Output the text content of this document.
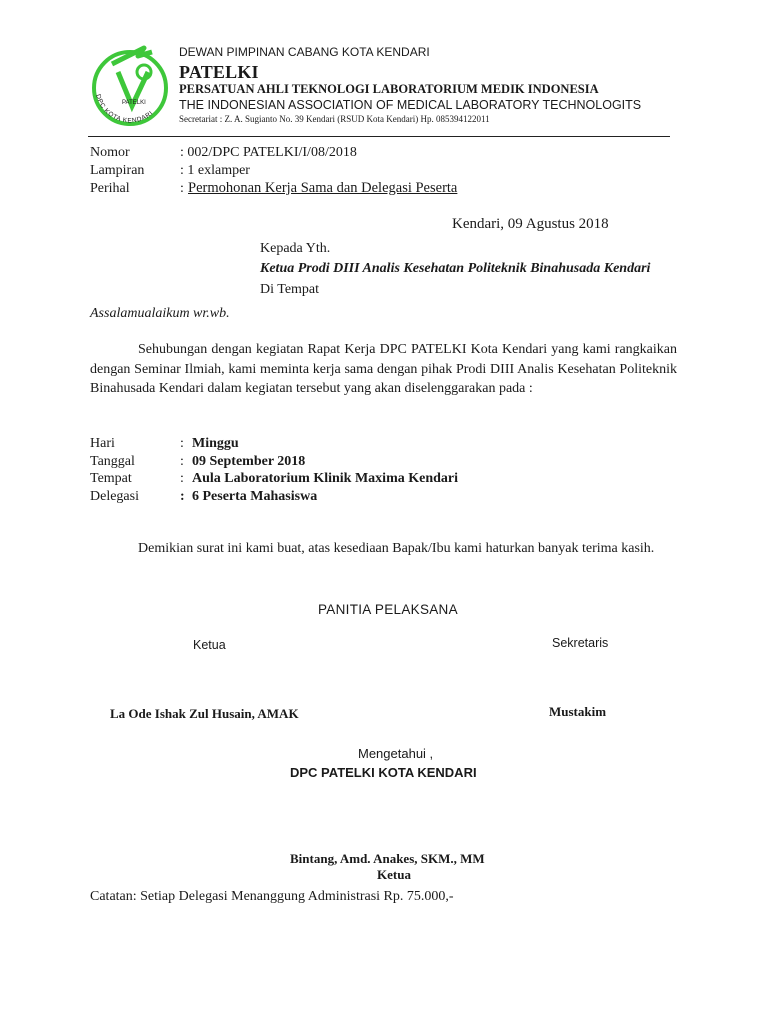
PATELKI
DPC KOTA KENDARI
DEWAN PIMPINAN CABANG KOTA KENDARI
PATELKI
PERSATUAN AHLI TEKNOLOGI LABORATORIUM MEDIK INDONESIA
THE INDONESIAN ASSOCIATION OF MEDICAL LABORATORY TECHNOLOGITS
Secretariat : Z. A. Sugianto No. 39 Kendari (RSUD Kota Kendari) Hp. 085394122011
Nomor	: 002/DPC PATELKI/I/08/2018
Lampiran	: 1 exlamper
Perihal	: Permohonan Kerja Sama dan Delegasi Peserta
Kendari, 09 Agustus 2018
Kepada Yth.
Ketua Prodi DIII Analis Kesehatan Politeknik Binahusada Kendari
Di Tempat
Assalamualaikum wr.wb.
Sehubungan dengan kegiatan Rapat Kerja DPC PATELKI Kota Kendari yang kami rangkaikan dengan Seminar Ilmiah, kami meminta kerja sama dengan pihak Prodi DIII Analis Kesehatan Politeknik Binahusada Kendari dalam kegiatan tersebut yang akan diselenggarakan pada :
Hari	: Minggu
Tanggal	: 09 September 2018
Tempat	: Aula Laboratorium Klinik Maxima Kendari
Delegasi	: 6 Peserta Mahasiswa
Demikian surat ini kami buat, atas kesediaan Bapak/Ibu kami haturkan banyak terima kasih.
PANITIA PELAKSANA
Ketua	Sekretaris
La Ode Ishak Zul Husain, AMAK	Mustakim
Mengetahui ,
DPC PATELKI KOTA KENDARI
Bintang, Amd. Anakes, SKM., MM
Ketua
Catatan: Setiap Delegasi Menanggung Administrasi Rp. 75.000,-
